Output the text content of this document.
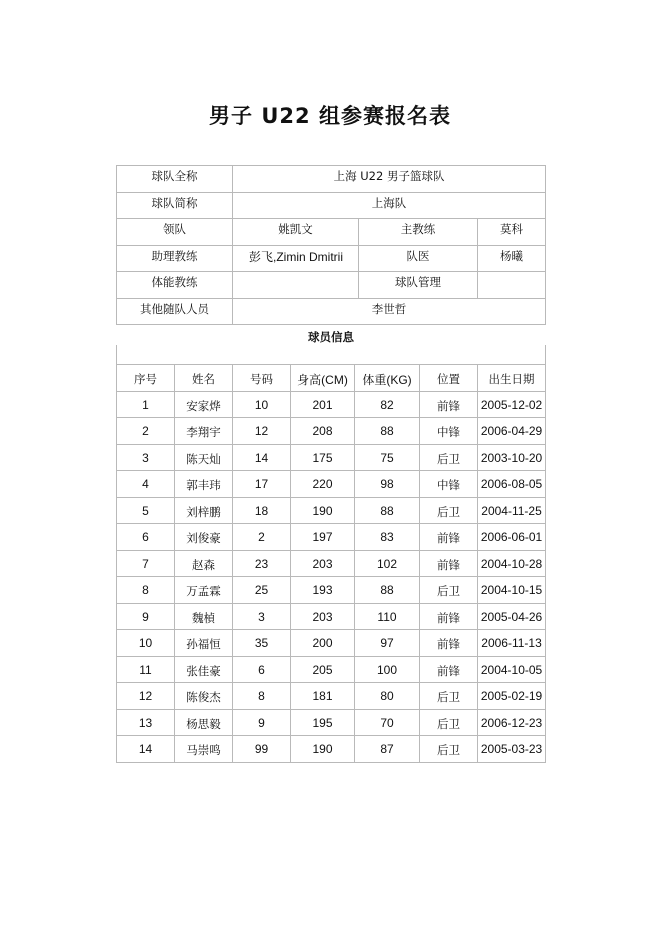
男子 U22 组参赛报名表
球队全称	上海 U22 男子篮球队		
球队简称	上海队		
领队	姚凯文	主教练	莫科
助理教练	彭飞,Zimin Dmitrii	队医	杨曦
体能教练		球队管理	
其他随队人员	李世哲		
球员信息						
序号	姓名	号码	身高(CM)	体重(KG)	位置	出生日期
1	安家烨	10	201	82	前锋	2005-12-02
2	李翔宇	12	208	88	中锋	2006-04-29
3	陈天灿	14	175	75	后卫	2003-10-20
4	郭丰玮	17	220	98	中锋	2006-08-05
5	刘梓鹏	18	190	88	后卫	2004-11-25
6	刘俊豪	2	197	83	前锋	2006-06-01
7	赵森	23	203	102	前锋	2004-10-28
8	万孟霖	25	193	88	后卫	2004-10-15
9	魏楨	3	203	110	前锋	2005-04-26
10	孙福恒	35	200	97	前锋	2006-11-13
11	张佳豪	6	205	100	前锋	2004-10-05
12	陈俊杰	8	181	80	后卫	2005-02-19
13	杨思毅	9	195	70	后卫	2006-12-23
14	马崇鸣	99	190	87	后卫	2005-03-23
